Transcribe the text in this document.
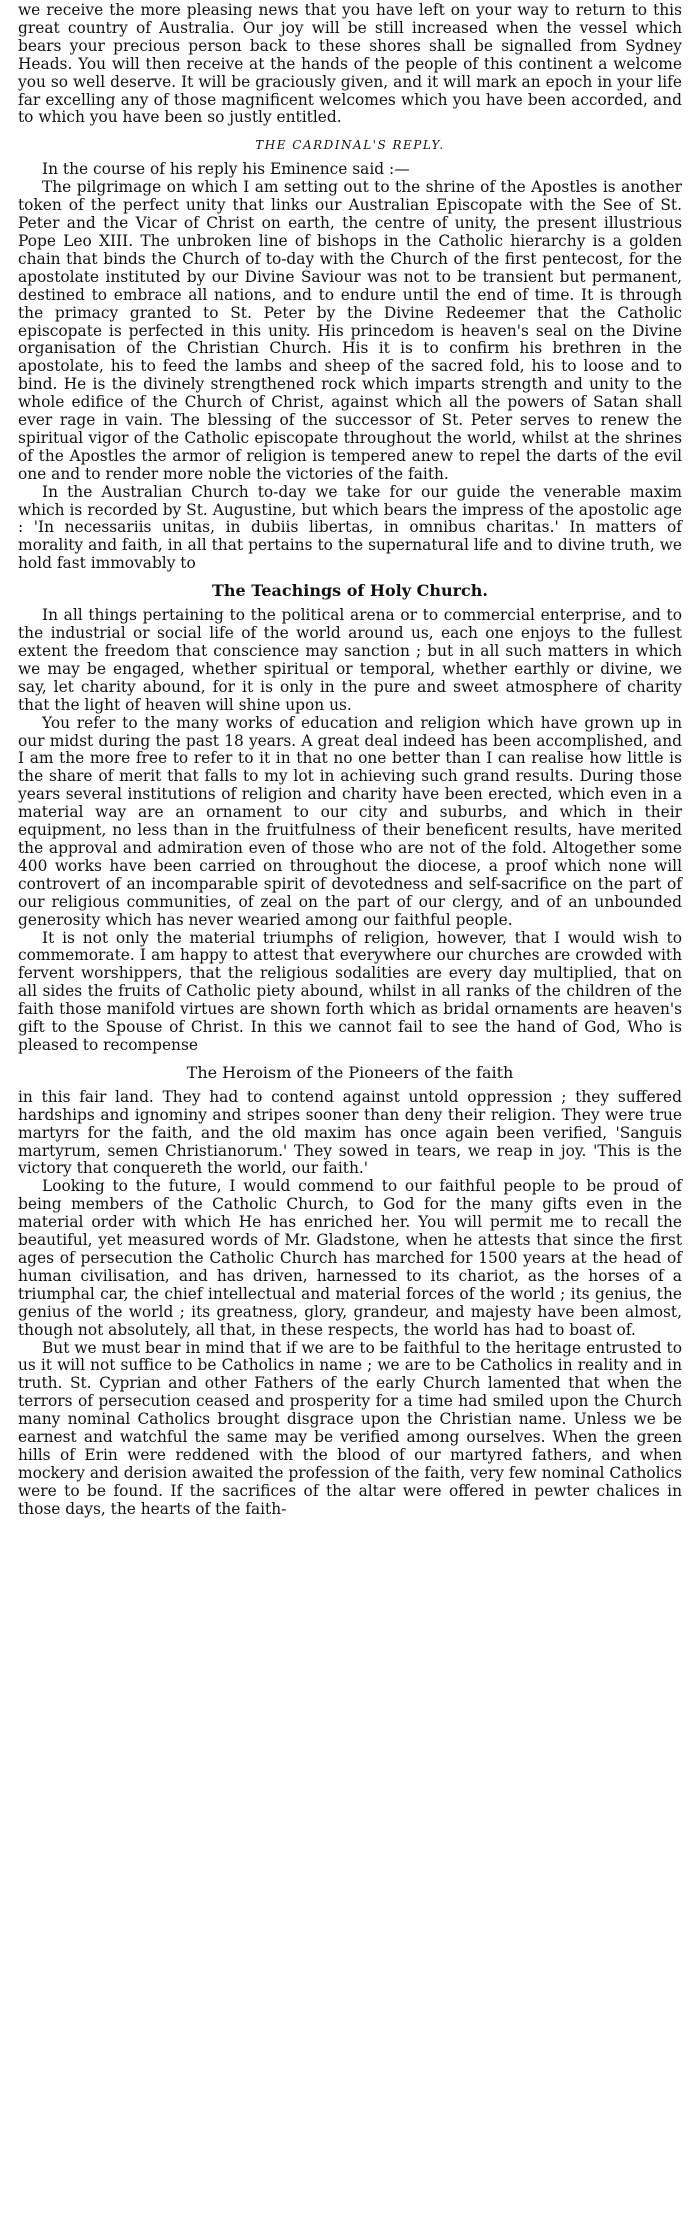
we receive the more pleasing news that you have left on your way to return to this great country of Australia. Our joy will be still increased when the vessel which bears your precious person back to these shores shall be signalled from Sydney Heads. You will then receive at the hands of the people of this continent a welcome you so well deserve. It will be graciously given, and it will mark an epoch in your life far excelling any of those magnificent welcomes which you have been accorded, and to which you have been so justly entitled.

THE CARDINAL'S REPLY.

In the course of his reply his Eminence said :—

The pilgrimage on which I am setting out to the shrine of the Apostles is another token of the perfect unity that links our Australian Episcopate with the See of St. Peter and the Vicar of Christ on earth, the centre of unity, the present illustrious Pope Leo XIII. The unbroken line of bishops in the Catholic hierarchy is a golden chain that binds the Church of to-day with the Church of the first pentecost, for the apostolate instituted by our Divine Saviour was not to be transient but permanent, destined to embrace all nations, and to endure until the end of time. It is through the primacy granted to St. Peter by the Divine Redeemer that the Catholic episcopate is perfected in this unity. His princedom is heaven's seal on the Divine organisation of the Christian Church. His it is to confirm his brethren in the apostolate, his to feed the lambs and sheep of the sacred fold, his to loose and to bind. He is the divinely strengthened rock which imparts strength and unity to the whole edifice of the Church of Christ, against which all the powers of Satan shall ever rage in vain. The blessing of the successor of St. Peter serves to renew the spiritual vigor of the Catholic episcopate throughout the world, whilst at the shrines of the Apostles the armor of religion is tempered anew to repel the darts of the evil one and to render more noble the victories of the faith.

In the Australian Church to-day we take for our guide the venerable maxim which is recorded by St. Augustine, but which bears the impress of the apostolic age : 'In necessariis unitas, in dubiis libertas, in omnibus charitas.' In matters of morality and faith, in all that pertains to the supernatural life and to divine truth, we hold fast immovably to

The Teachings of Holy Church.

In all things pertaining to the political arena or to commercial enterprise, and to the industrial or social life of the world around us, each one enjoys to the fullest extent the freedom that conscience may sanction ; but in all such matters in which we may be engaged, whether spiritual or temporal, whether earthly or divine, we say, let charity abound, for it is only in the pure and sweet atmosphere of charity that the light of heaven will shine upon us.

You refer to the many works of education and religion which have grown up in our midst during the past 18 years. A great deal indeed has been accomplished, and I am the more free to refer to it in that no one better than I can realise how little is the share of merit that falls to my lot in achieving such grand results. During those years several institutions of religion and charity have been erected, which even in a material way are an ornament to our city and suburbs, and which in their equipment, no less than in the fruitfulness of their beneficent results, have merited the approval and admiration even of those who are not of the fold. Altogether some 400 works have been carried on throughout the diocese, a proof which none will controvert of an incomparable spirit of devotedness and self-sacrifice on the part of our religious communities, of zeal on the part of our clergy, and of an unbounded generosity which has never wearied among our faithful people.

It is not only the material triumphs of religion, however, that I would wish to commemorate. I am happy to attest that everywhere our churches are crowded with fervent worshippers, that the religious sodalities are every day multiplied, that on all sides the fruits of Catholic piety abound, whilst in all ranks of the children of the faith those manifold virtues are shown forth which as bridal ornaments are heaven's gift to the Spouse of Christ. In this we cannot fail to see the hand of God, Who is pleased to recompense

The Heroism of the Pioneers of the faith

in this fair land. They had to contend against untold oppression ; they suffered hardships and ignominy and stripes sooner than deny their religion. They were true martyrs for the faith, and the old maxim has once again been verified, 'Sanguis martyrum, semen Christianorum.' They sowed in tears, we reap in joy. 'This is the victory that conquereth the world, our faith.'

Looking to the future, I would commend to our faithful people to be proud of being members of the Catholic Church, to God for the many gifts even in the material order with which He has enriched her. You will permit me to recall the beautiful, yet measured words of Mr. Gladstone, when he attests that since the first ages of persecution the Catholic Church has marched for 1500 years at the head of human civilisation, and has driven, harnessed to its chariot, as the horses of a triumphal car, the chief intellectual and material forces of the world ; its genius, the genius of the world ; its greatness, glory, grandeur, and majesty have been almost, though not absolutely, all that, in these respects, the world has had to boast of.

But we must bear in mind that if we are to be faithful to the heritage entrusted to us it will not suffice to be Catholics in name ; we are to be Catholics in reality and in truth. St. Cyprian and other Fathers of the early Church lamented that when the terrors of persecution ceased and prosperity for a time had smiled upon the Church many nominal Catholics brought disgrace upon the Christian name. Unless we be earnest and watchful the same may be verified among ourselves. When the green hills of Erin were reddened with the blood of our martyred fathers, and when mockery and derision awaited the profession of the faith, very few nominal Catholics were to be found. If the sacrifices of the altar were offered in pewter chalices in those days, the hearts of the faith-
